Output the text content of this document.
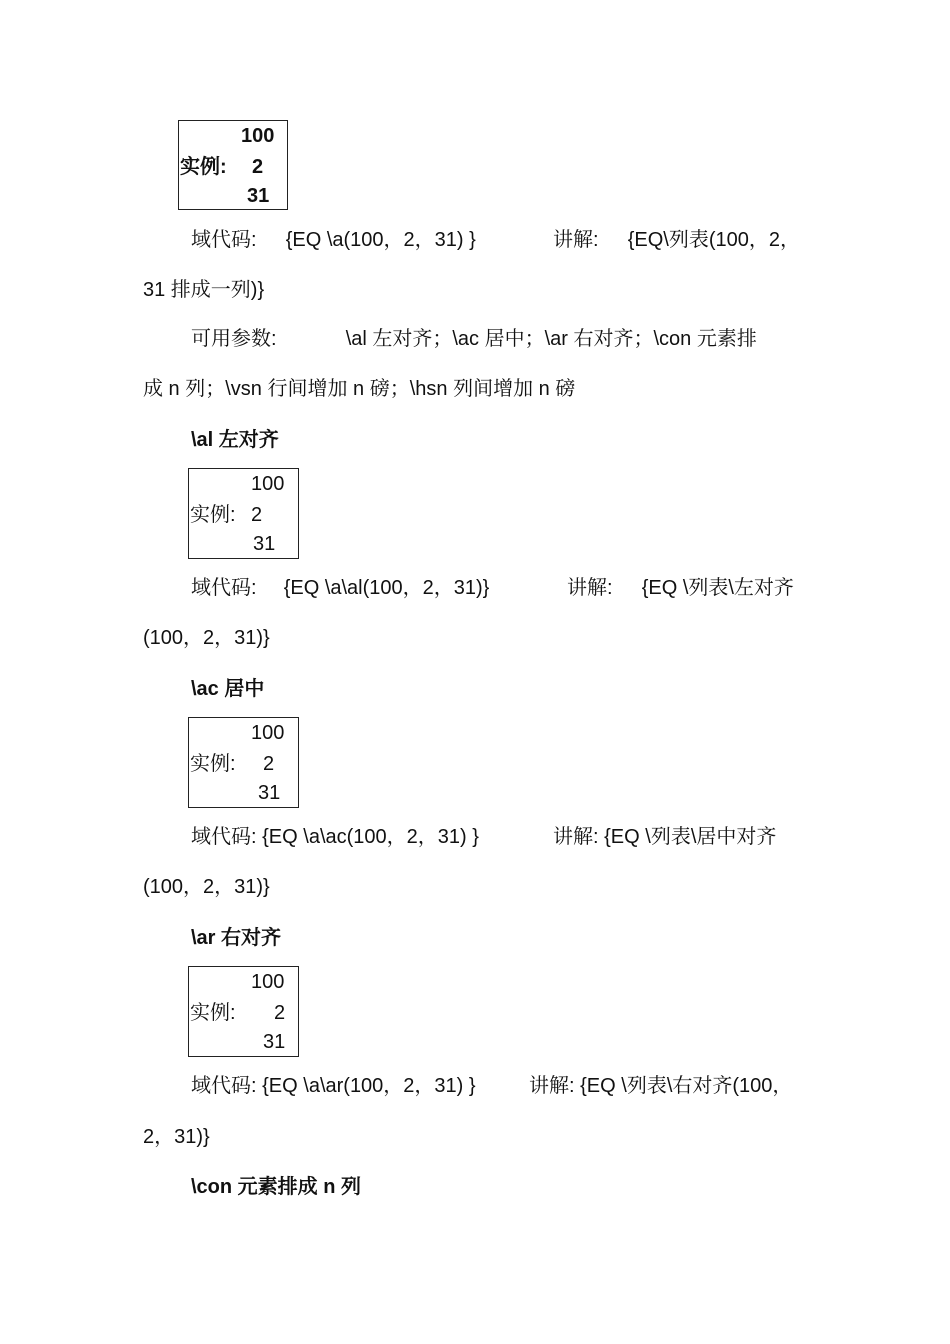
100
实例: 2
31
域代码: {EQ \a(100，2，31) }	讲解: {EQ\列表(100，2，
31 排成一列)}
可用参数:	\al 左对齐；\ac 居中；\ar 右对齐；\con 元素排
成 n 列；\vsn 行间增加 n 磅；\hsn 列间增加 n 磅
\al 左对齐
100
实例: 2
31
域代码: {EQ \a\al(100，2，31)}	讲解: {EQ \列表\左对齐
(100，2，31)}
\ac 居中
100
实例: 2
31
域代码: {EQ \a\ac(100，2，31) }	讲解: {EQ \列表\居中对齐
(100，2，31)}
\ar 右对齐
100
实例: 2
31
域代码: {EQ \a\ar(100，2，31) }	讲解: {EQ \列表\右对齐(100，
2，31)}
\con 元素排成 n 列
